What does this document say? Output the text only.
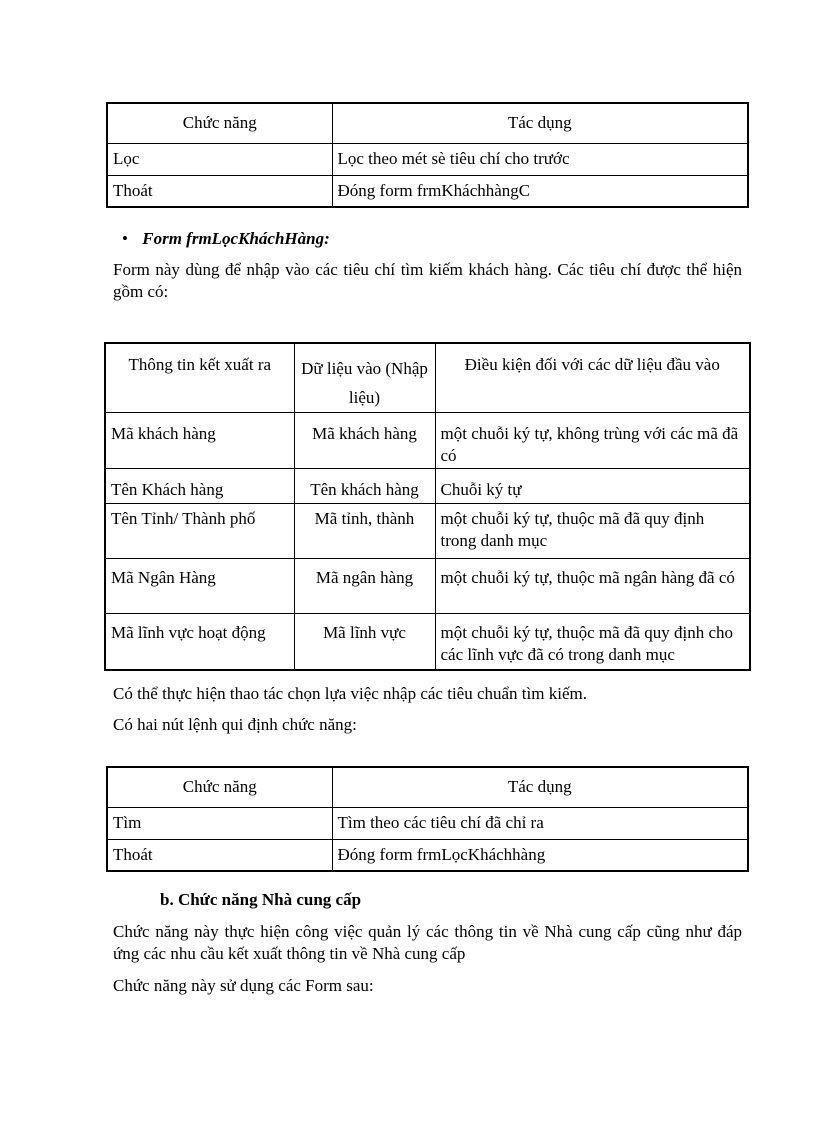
Chức năng	Tác dụng
Lọc	Lọc theo mét sè tiêu chí cho trước
Thoát	Đóng form frmKháchhàngC
• Form frmLọcKháchHàng:
Form này dùng để nhập vào các tiêu chí tìm kiếm khách hàng. Các tiêu chí được thể hiện gồm có:
Thông tin kết xuất ra	Dữ liệu vào (Nhập liệu)	Điều kiện đối với các dữ liệu đầu vào
Mã khách hàng	Mã khách hàng	một chuỗi ký tự, không trùng với các mã đã có
Tên Khách hàng	Tên khách hàng	Chuỗi ký tự
Tên Tỉnh/ Thành phố	Mã tỉnh, thành	một chuỗi ký tự, thuộc mã đã quy định trong danh mục
Mã Ngân Hàng	Mã ngân hàng	một chuỗi ký tự, thuộc mã ngân hàng đã có
Mã lĩnh vực hoạt động	Mã lĩnh vực	một chuỗi ký tự, thuộc mã đã quy định cho các lĩnh vực đã có trong danh mục
Có thể thực hiện thao tác chọn lựa việc nhập các tiêu chuẩn tìm kiếm.
Có hai nút lệnh qui định chức năng:
Chức năng	Tác dụng
Tìm	Tìm theo các tiêu chí đã chỉ ra
Thoát	Đóng form frmLọcKháchhàng
b. Chức năng Nhà cung cấp
Chức năng này thực hiện công việc quản lý các thông tin về Nhà cung cấp cũng như đáp ứng các nhu cầu kết xuất thông tin về Nhà cung cấp
Chức năng này sử dụng các Form sau:
